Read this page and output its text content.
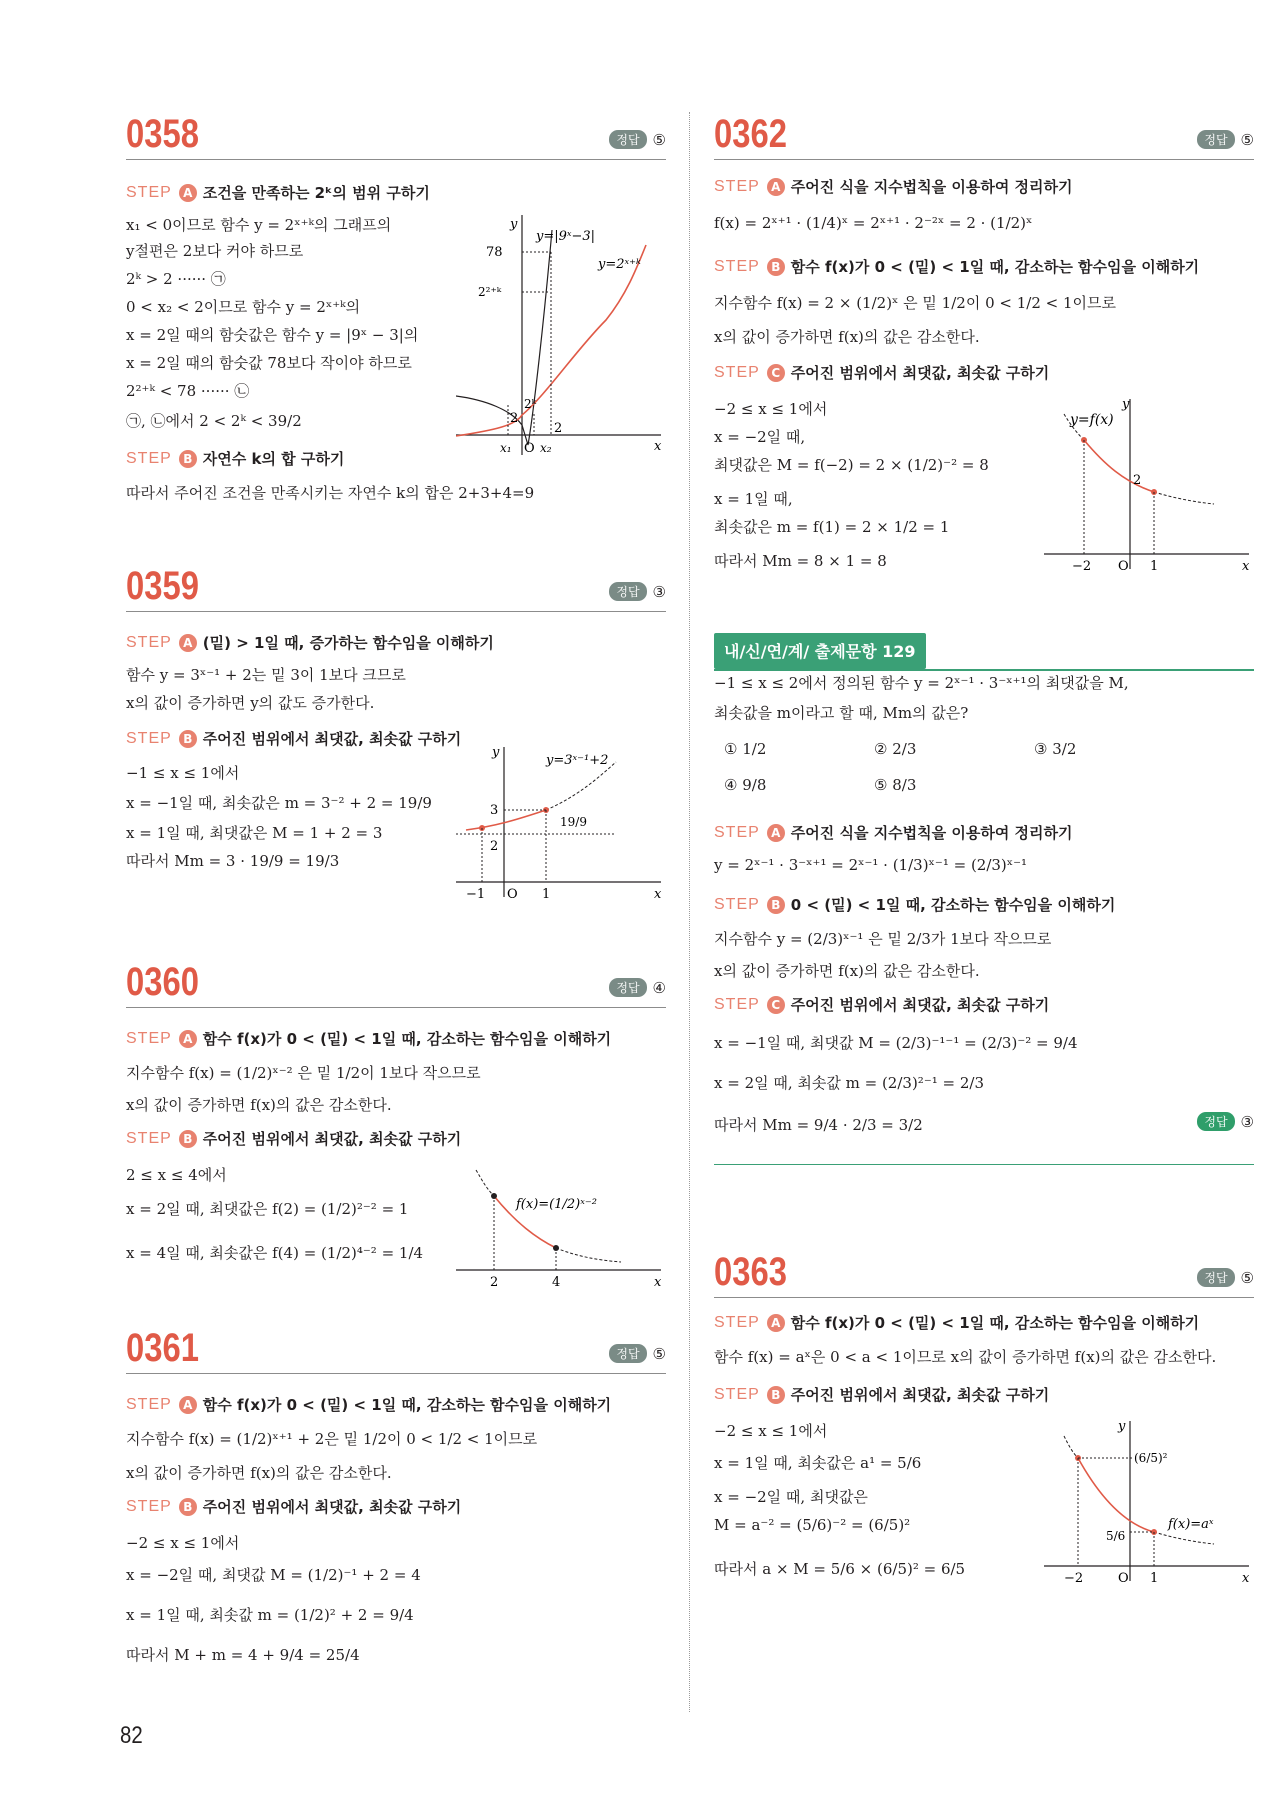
0358	정답 ⑤
STEP A 조건을 만족하는 2ᵏ의 범위 구하기
x₁ < 0이므로 함수 y = 2ˣ⁺ᵏ의 그래프의
y절편은 2보다 커야 하므로
2ᵏ > 2 ······ ㉠
0 < x₂ < 2이므로 함수 y = 2ˣ⁺ᵏ의
x = 2일 때의 함숫값은 함수 y = |9ˣ − 3|의
x = 2일 때의 함숫값 78보다 작이야 하므로
2²⁺ᵏ < 78 ······ ㉡
㉠, ㉡에서 2 < 2ᵏ < 39/2
STEP B 자연수 k의 합 구하기
따라서 주어진 조건을 만족시키는 자연수 k의 합은 2+3+4=9
y
x
O
y=|9ˣ−3|
y=2ˣ⁺ᵏ
78
2²⁺ᵏ
2ᵏ
2
2
x₁ x₂
0359	정답 ③
STEP A (밑) > 1일 때, 증가하는 함수임을 이해하기
함수 y = 3ˣ⁻¹ + 2는 밑 3이 1보다 크므로
x의 값이 증가하면 y의 값도 증가한다.
STEP B 주어진 범위에서 최댓값, 최솟값 구하기
−1 ≤ x ≤ 1에서
x = −1일 때, 최솟값은 m = 3⁻² + 2 = 19/9
x = 1일 때, 최댓값은 M = 1 + 2 = 3
따라서 Mm = 3 · 19/9 = 19/3
y
x
O
y=3ˣ⁻¹+2
3
2
19/9
−1	1
0360	정답 ④
STEP A 함수 f(x)가 0 < (밑) < 1일 때, 감소하는 함수임을 이해하기
지수함수 f(x) = (1/2)ˣ⁻² 은 밑 1/2이 1보다 작으므로
x의 값이 증가하면 f(x)의 값은 감소한다.
STEP B 주어진 범위에서 최댓값, 최솟값 구하기
2 ≤ x ≤ 4에서
x = 2일 때, 최댓값은 f(2) = (1/2)²⁻² = 1
x = 4일 때, 최솟값은 f(4) = (1/2)⁴⁻² = 1/4
f(x)=(1/2)ˣ⁻²
x
2	4
0361	정답 ⑤
STEP A 함수 f(x)가 0 < (밑) < 1일 때, 감소하는 함수임을 이해하기
지수함수 f(x) = (1/2)ˣ⁺¹ + 2은 밑 1/2이 0 < 1/2 < 1이므로
x의 값이 증가하면 f(x)의 값은 감소한다.
STEP B 주어진 범위에서 최댓값, 최솟값 구하기
−2 ≤ x ≤ 1에서
x = −2일 때, 최댓값 M = (1/2)⁻¹ + 2 = 4
x = 1일 때, 최솟값 m = (1/2)² + 2 = 9/4
따라서 M + m = 4 + 9/4 = 25/4
0362	정답 ⑤
STEP A 주어진 식을 지수법칙을 이용하여 정리하기
f(x) = 2ˣ⁺¹ · (1/4)ˣ = 2ˣ⁺¹ · 2⁻²ˣ = 2 · (1/2)ˣ
STEP B 함수 f(x)가 0 < (밑) < 1일 때, 감소하는 함수임을 이해하기
지수함수 f(x) = 2 × (1/2)ˣ 은 밑 1/2이 0 < 1/2 < 1이므로
x의 값이 증가하면 f(x)의 값은 감소한다.
STEP C 주어진 범위에서 최댓값, 최솟값 구하기
−2 ≤ x ≤ 1에서
x = −2일 때,
최댓값은 M = f(−2) = 2 × (1/2)⁻² = 8
x = 1일 때,
최솟값은 m = f(1) = 2 × 1/2 = 1
따라서 Mm = 8 × 1 = 8
y
x
O
y=f(x)
2
−2	1
내/신/연/계/ 출제문항 129
−1 ≤ x ≤ 2에서 정의된 함수 y = 2ˣ⁻¹ · 3⁻ˣ⁺¹의 최댓값을 M,
최솟값을 m이라고 할 때, Mm의 값은?
① 1/2	② 2/3	③ 3/2
④ 9/8	⑤ 8/3
STEP A 주어진 식을 지수법칙을 이용하여 정리하기
y = 2ˣ⁻¹ · 3⁻ˣ⁺¹ = 2ˣ⁻¹ · (1/3)ˣ⁻¹ = (2/3)ˣ⁻¹
STEP B 0 < (밑) < 1일 때, 감소하는 함수임을 이해하기
지수함수 y = (2/3)ˣ⁻¹ 은 밑 2/3가 1보다 작으므로
x의 값이 증가하면 f(x)의 값은 감소한다.
STEP C 주어진 범위에서 최댓값, 최솟값 구하기
x = −1일 때, 최댓값 M = (2/3)⁻¹⁻¹ = (2/3)⁻² = 9/4
x = 2일 때, 최솟값 m = (2/3)²⁻¹ = 2/3
따라서 Mm = 9/4 · 2/3 = 3/2	정답 ③
0363	정답 ⑤
STEP A 함수 f(x)가 0 < (밑) < 1일 때, 감소하는 함수임을 이해하기
함수 f(x) = aˣ은 0 < a < 1이므로 x의 값이 증가하면 f(x)의 값은 감소한다.
STEP B 주어진 범위에서 최댓값, 최솟값 구하기
−2 ≤ x ≤ 1에서
x = 1일 때, 최솟값은 a¹ = 5/6
x = −2일 때, 최댓값은
M = a⁻² = (5/6)⁻² = (6/5)²
따라서 a × M = 5/6 × (6/5)² = 6/5
y
x
O
f(x)=aˣ
(6/5)²
5/6
−2	1
82
